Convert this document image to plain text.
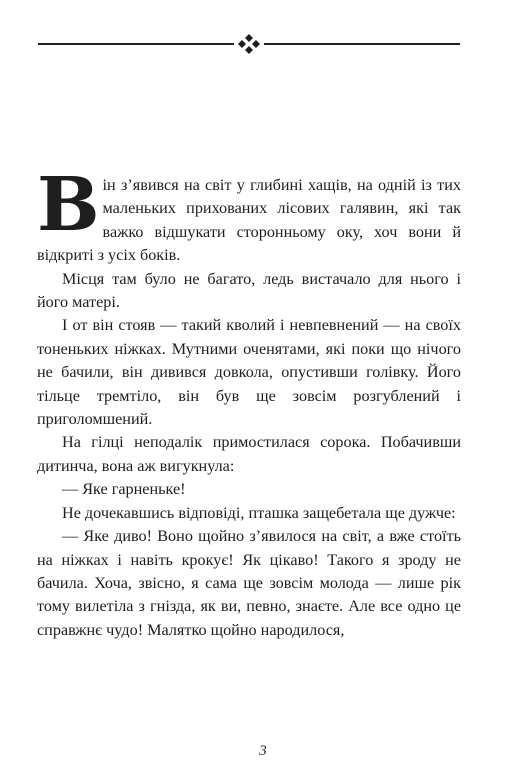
Він з’явився на світ у глибині хащів, на одній із тих маленьких прихованих лісових галявин, які так важко відшукати сторонньому оку, хоч вони й відкриті з усіх боків.

Місця там було не багато, ледь вистачало для нього і його матері.

І от він стояв — такий кволий і невпевнений — на своїх тоненьких ніжках. Мутними оченятами, які поки що нічого не бачили, він дивився довкола, опустивши голівку. Його тільце тремтіло, він був ще зовсім розгублений і приголомшений.

На гілці неподалік примостилася сорока. Побачивши дитинча, вона аж вигукнула:

— Яке гарненьке!

Не дочекавшись відповіді, пташка защебетала ще дужче:

— Яке диво! Воно щойно з’явилося на світ, а вже стоїть на ніжках і навіть крокує! Як цікаво! Такого я зроду не бачила. Хоча, звісно, я сама ще зовсім молода — лише рік тому вилетіла з гнізда, як ви, певно, знаєте. Але все одно це справжнє чудо! Малятко щойно народилося,

3
